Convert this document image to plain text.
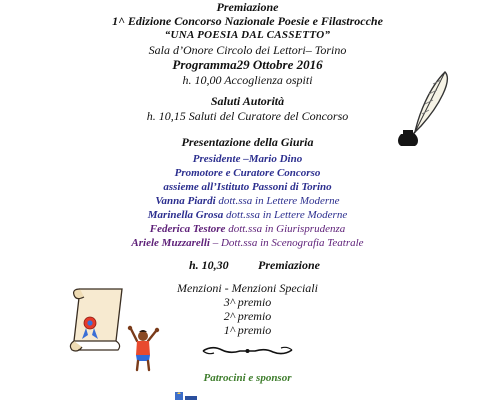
Premiazione
1^ Edizione Concorso Nazionale Poesie e Filastrocche
“UNA POESIA DAL CASSETTO”
Sala d’Onore Circolo dei Lettori– Torino
Programma29 Ottobre 2016
h. 10,00 Accoglienza ospiti
Saluti Autorità
h. 10,15 Saluti del Curatore del Concorso
Presentazione della Giuria
Presidente –Mario Dino
Promotore e Curatore Concorso
assieme all’Istituto Passoni di Torino
Vanna Piardi dott.ssa in Lettere Moderne
Marinella Grosa dott.ssa in Lettere Moderne
Federica Testore dott.ssa in Giurisprudenza
Ariele Muzzarelli – Dott.ssa in Scenografia Teatrale
h. 10,30 Premiazione
Menzioni - Menzioni Speciali
3^ premio
2^ premio
1^ premio
Patrocini e sponsor
